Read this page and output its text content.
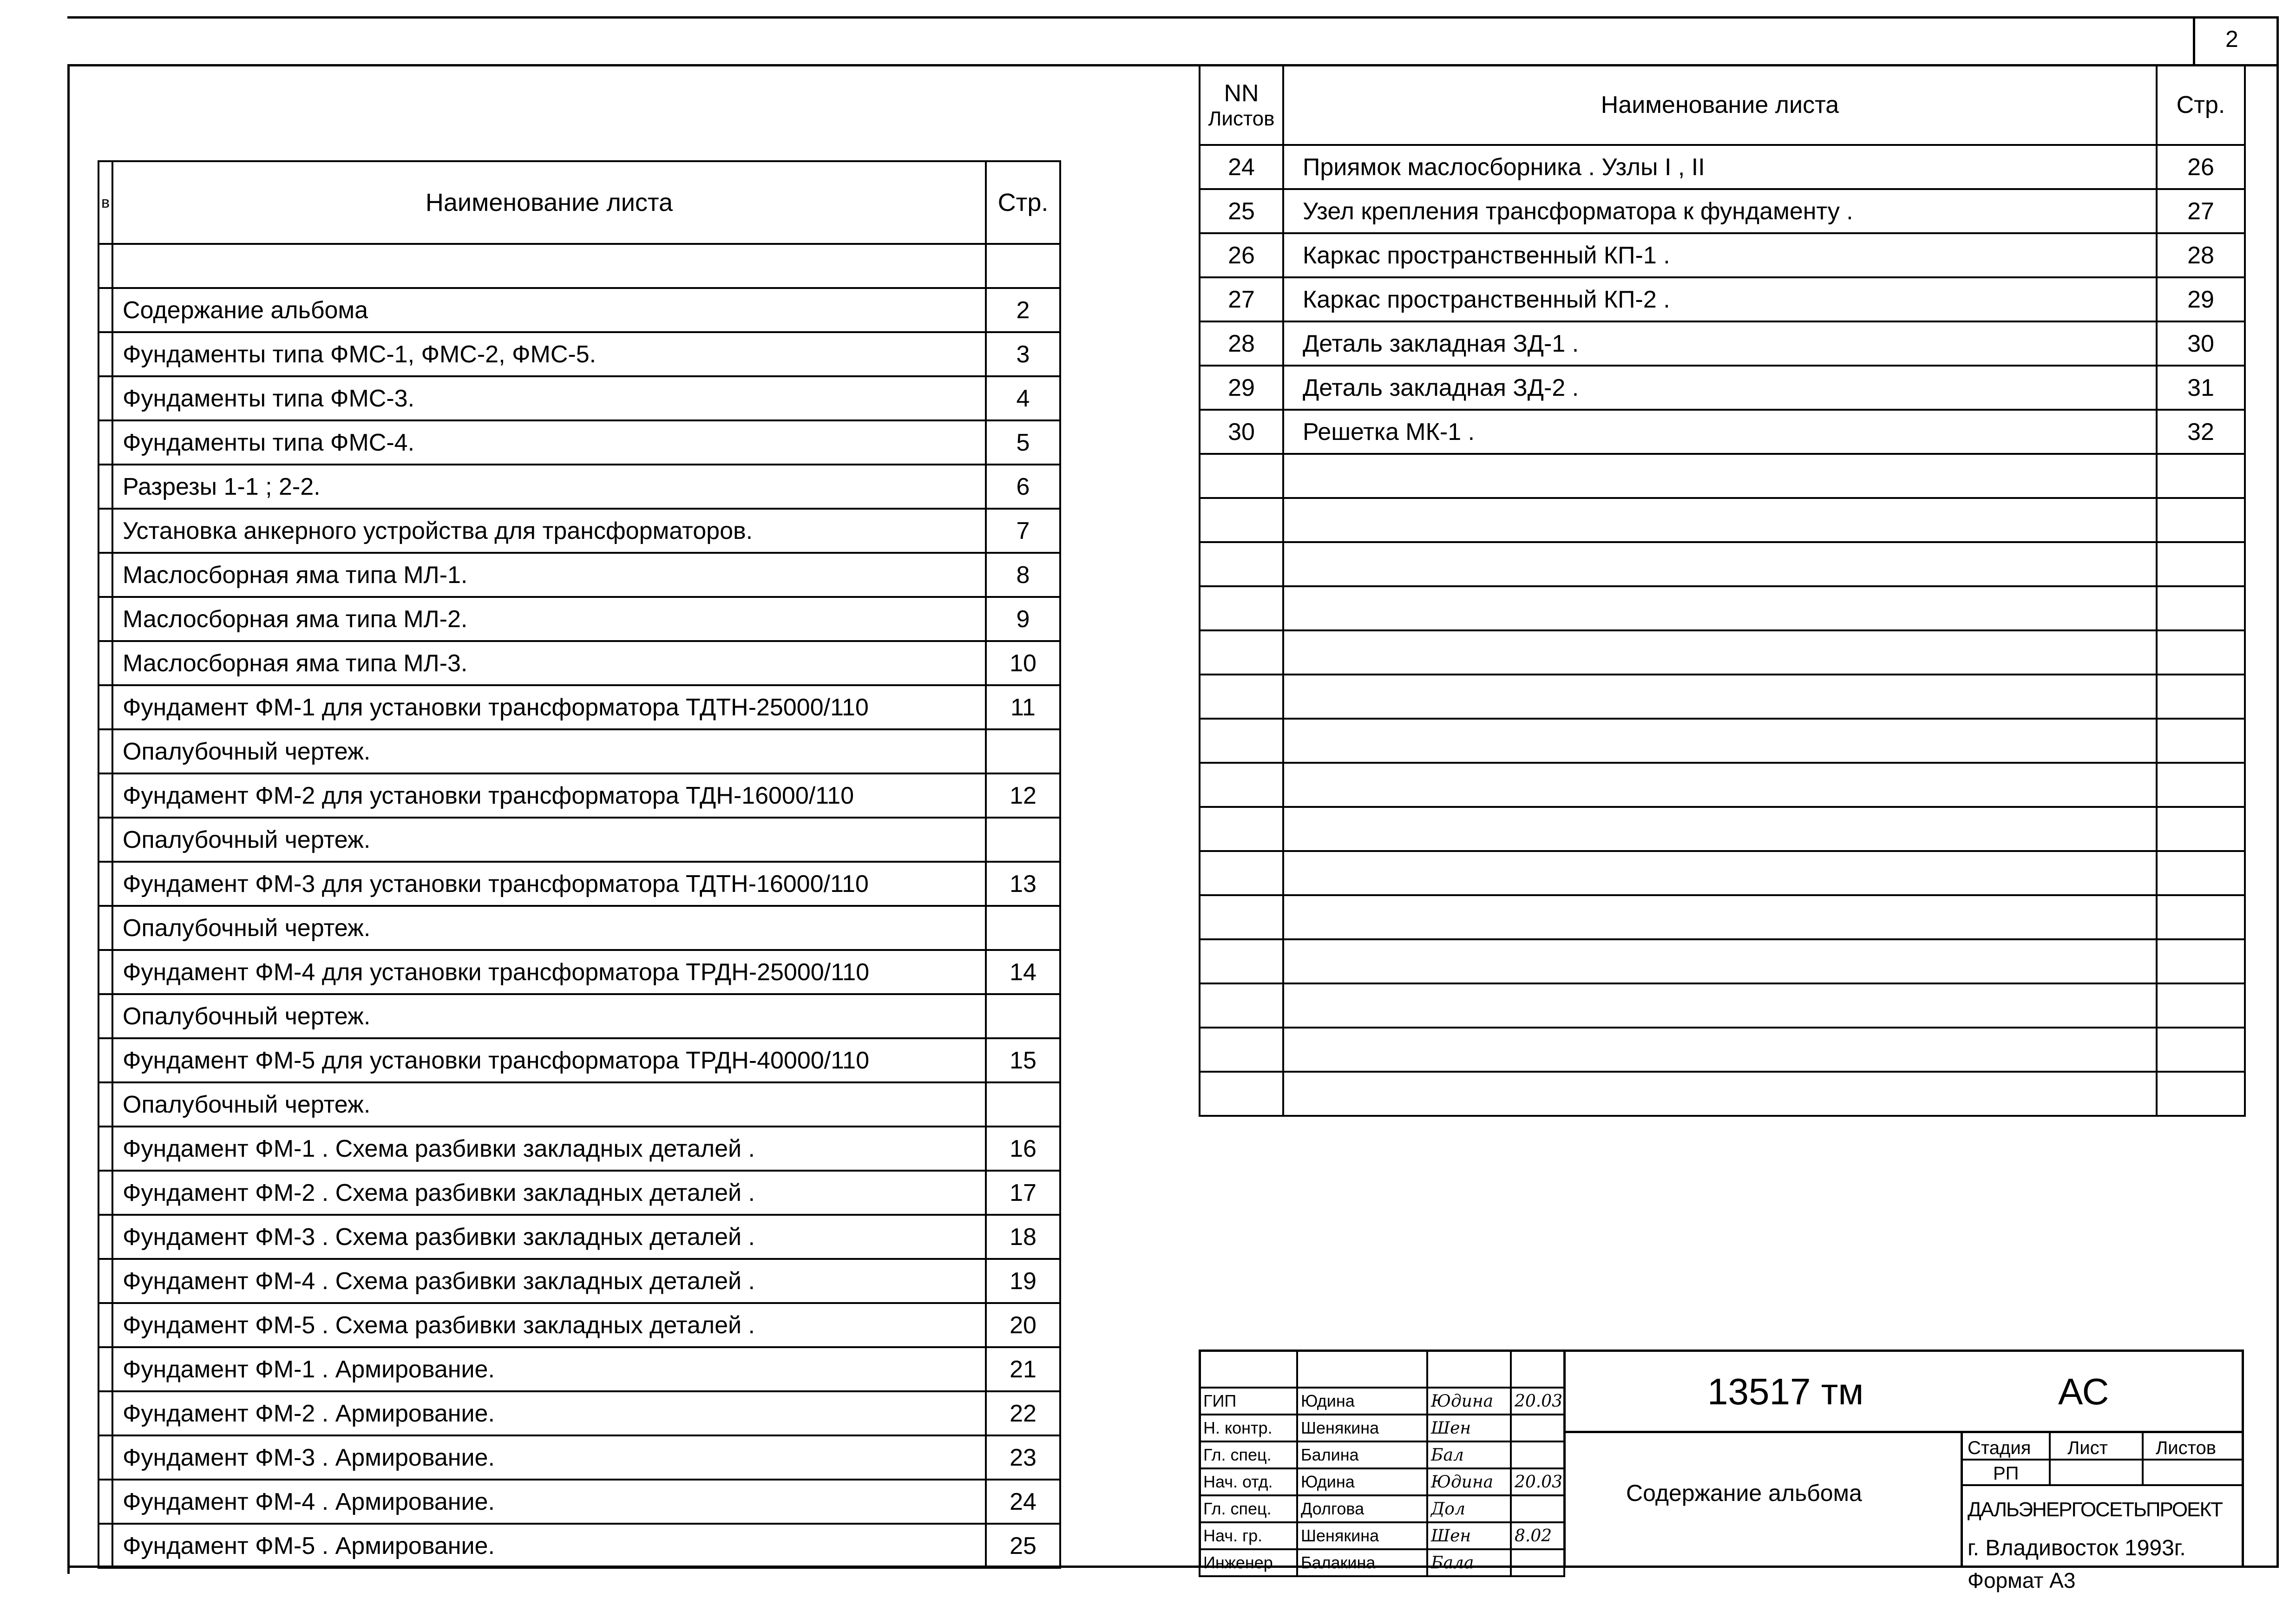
2
в	Наименование листа	Стр.

	Содержание альбома	2
	Фундаменты типа ФМС-1, ФМС-2, ФМС-5.	3
	Фундаменты типа ФМС-3.	4
	Фундаменты типа ФМС-4.	5
	Разрезы 1-1 ; 2-2.	6
	Установка анкерного устройства для трансформаторов.	7
	Маслосборная яма типа МЛ-1.	8
	Маслосборная яма типа МЛ-2.	9
	Маслосборная яма типа МЛ-3.	10
	Фундамент ФМ-1 для установки трансформатора ТДТН-25000/110	11
	Опалубочный чертеж.	
	Фундамент ФМ-2 для установки трансформатора ТДН-16000/110	12
	Опалубочный чертеж.	
	Фундамент ФМ-3 для установки трансформатора ТДТН-16000/110	13
	Опалубочный чертеж.	
	Фундамент ФМ-4 для установки трансформатора ТРДН-25000/110	14
	Опалубочный чертеж.	
	Фундамент ФМ-5 для установки трансформатора ТРДН-40000/110	15
	Опалубочный чертеж.	
	Фундамент ФМ-1 . Схема разбивки закладных деталей .	16
	Фундамент ФМ-2 . Схема разбивки закладных деталей .	17
	Фундамент ФМ-3 . Схема разбивки закладных деталей .	18
	Фундамент ФМ-4 . Схема разбивки закладных деталей .	19
	Фундамент ФМ-5 . Схема разбивки закладных деталей .	20
	Фундамент ФМ-1 . Армирование.	21
	Фундамент ФМ-2 . Армирование.	22
	Фундамент ФМ-3 . Армирование.	23
	Фундамент ФМ-4 . Армирование.	24
	Фундамент ФМ-5 . Армирование.	25
NN
Листов	Наименование листа	Стр.
24	Приямок маслосборника . Узлы I , II	26
25	Узел крепления трансформатора к фундаменту .	27
26	Каркас пространственный КП-1 .	28
27	Каркас пространственный КП-2 .	29
28	Деталь закладная ЗД-1 .	30
29	Деталь закладная ЗД-2 .	31
30	Решетка МК-1 .	32

ГИП	Юдина	Юдина	20.03
Н. контр.	Шенякина	Шен	
Гл. спец.	Балина	Бал	
Нач. отд.	Юдина	Юдина	20.03
Гл. спец.	Долгова	Дол	
Нач. гр.	Шенякина	Шен	8.02
Инженер	Балакина	Бала	
13517 тм	АС
Содержание альбома
Стадия Лист	Листов
РП
ДАЛЬЭНЕРГОСЕТЬПРОЕКТ
г. Владивосток 1993г.
Формат А3
